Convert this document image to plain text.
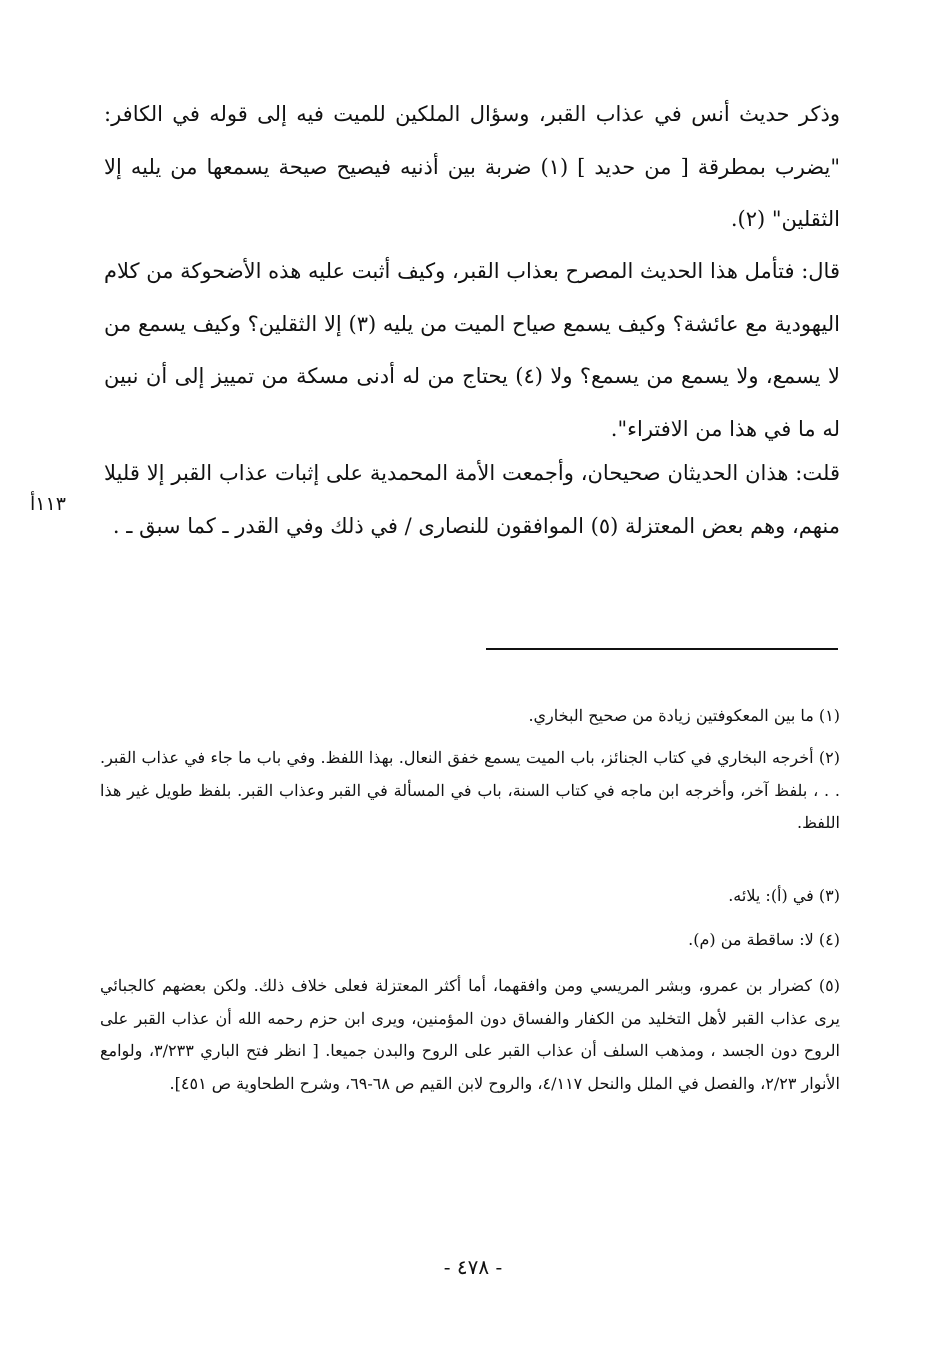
وذكر حديث أنس في عذاب القبر، وسؤال الملكين للميت فيه إلى قوله في الكافر: "يضرب بمطرقة [ من حديد ] (١) ضربة بين أذنيه فيصيح صيحة يسمعها من يليه إلا الثقلين" (٢).
قال: فتأمل هذا الحديث المصرح بعذاب القبر، وكيف أثبت عليه هذه الأضحوكة من كلام اليهودية مع عائشة؟ وكيف يسمع صياح الميت من يليه (٣) إلا الثقلين؟ وكيف يسمع من لا يسمع، ولا يسمع من يسمع؟ ولا (٤) يحتاج من له أدنى مسكة من تمييز إلى أن نبين له ما في هذا من الافتراء".
قلت: هذان الحديثان صحيحان، وأجمعت الأمة المحمدية على إثبات عذاب القبر إلا قليلا منهم، وهم بعض المعتزلة (٥) الموافقون للنصارى / في ذلك وفي القدر ـ كما سبق ـ .
١١٣أ
(١) ما بين المعكوفتين زيادة من صحيح البخاري.
(٢) أخرجه البخاري في كتاب الجنائز، باب الميت يسمع خفق النعال. بهذا اللفظ. وفي باب ما جاء في عذاب القبر. . . ، بلفظ آخر، وأخرجه ابن ماجه في كتاب السنة، باب في المسألة في القبر وعذاب القبر. بلفظ طويل غير هذا اللفظ.
(٣) في (أ): يلائه.
(٤) لا: ساقطة من (م).
(٥) كضرار بن عمرو، وبشر المريسي ومن وافقهما، أما أكثر المعتزلة فعلى خلاف ذلك. ولكن بعضهم كالجبائي يرى عذاب القبر لأهل التخليد من الكفار والفساق دون المؤمنين، ويرى ابن حزم رحمه الله أن عذاب القبر على الروح دون الجسد ، ومذهب السلف أن عذاب القبر على الروح والبدن جميعا. [ انظر فتح الباري ٣/٢٣٣، ولوامع الأنوار ٢/٢٣، والفصل في الملل والنحل ٤/١١٧، والروح لابن القيم ص ٦٨-٦٩، وشرح الطحاوية ص ٤٥١].
- ٤٧٨ -
